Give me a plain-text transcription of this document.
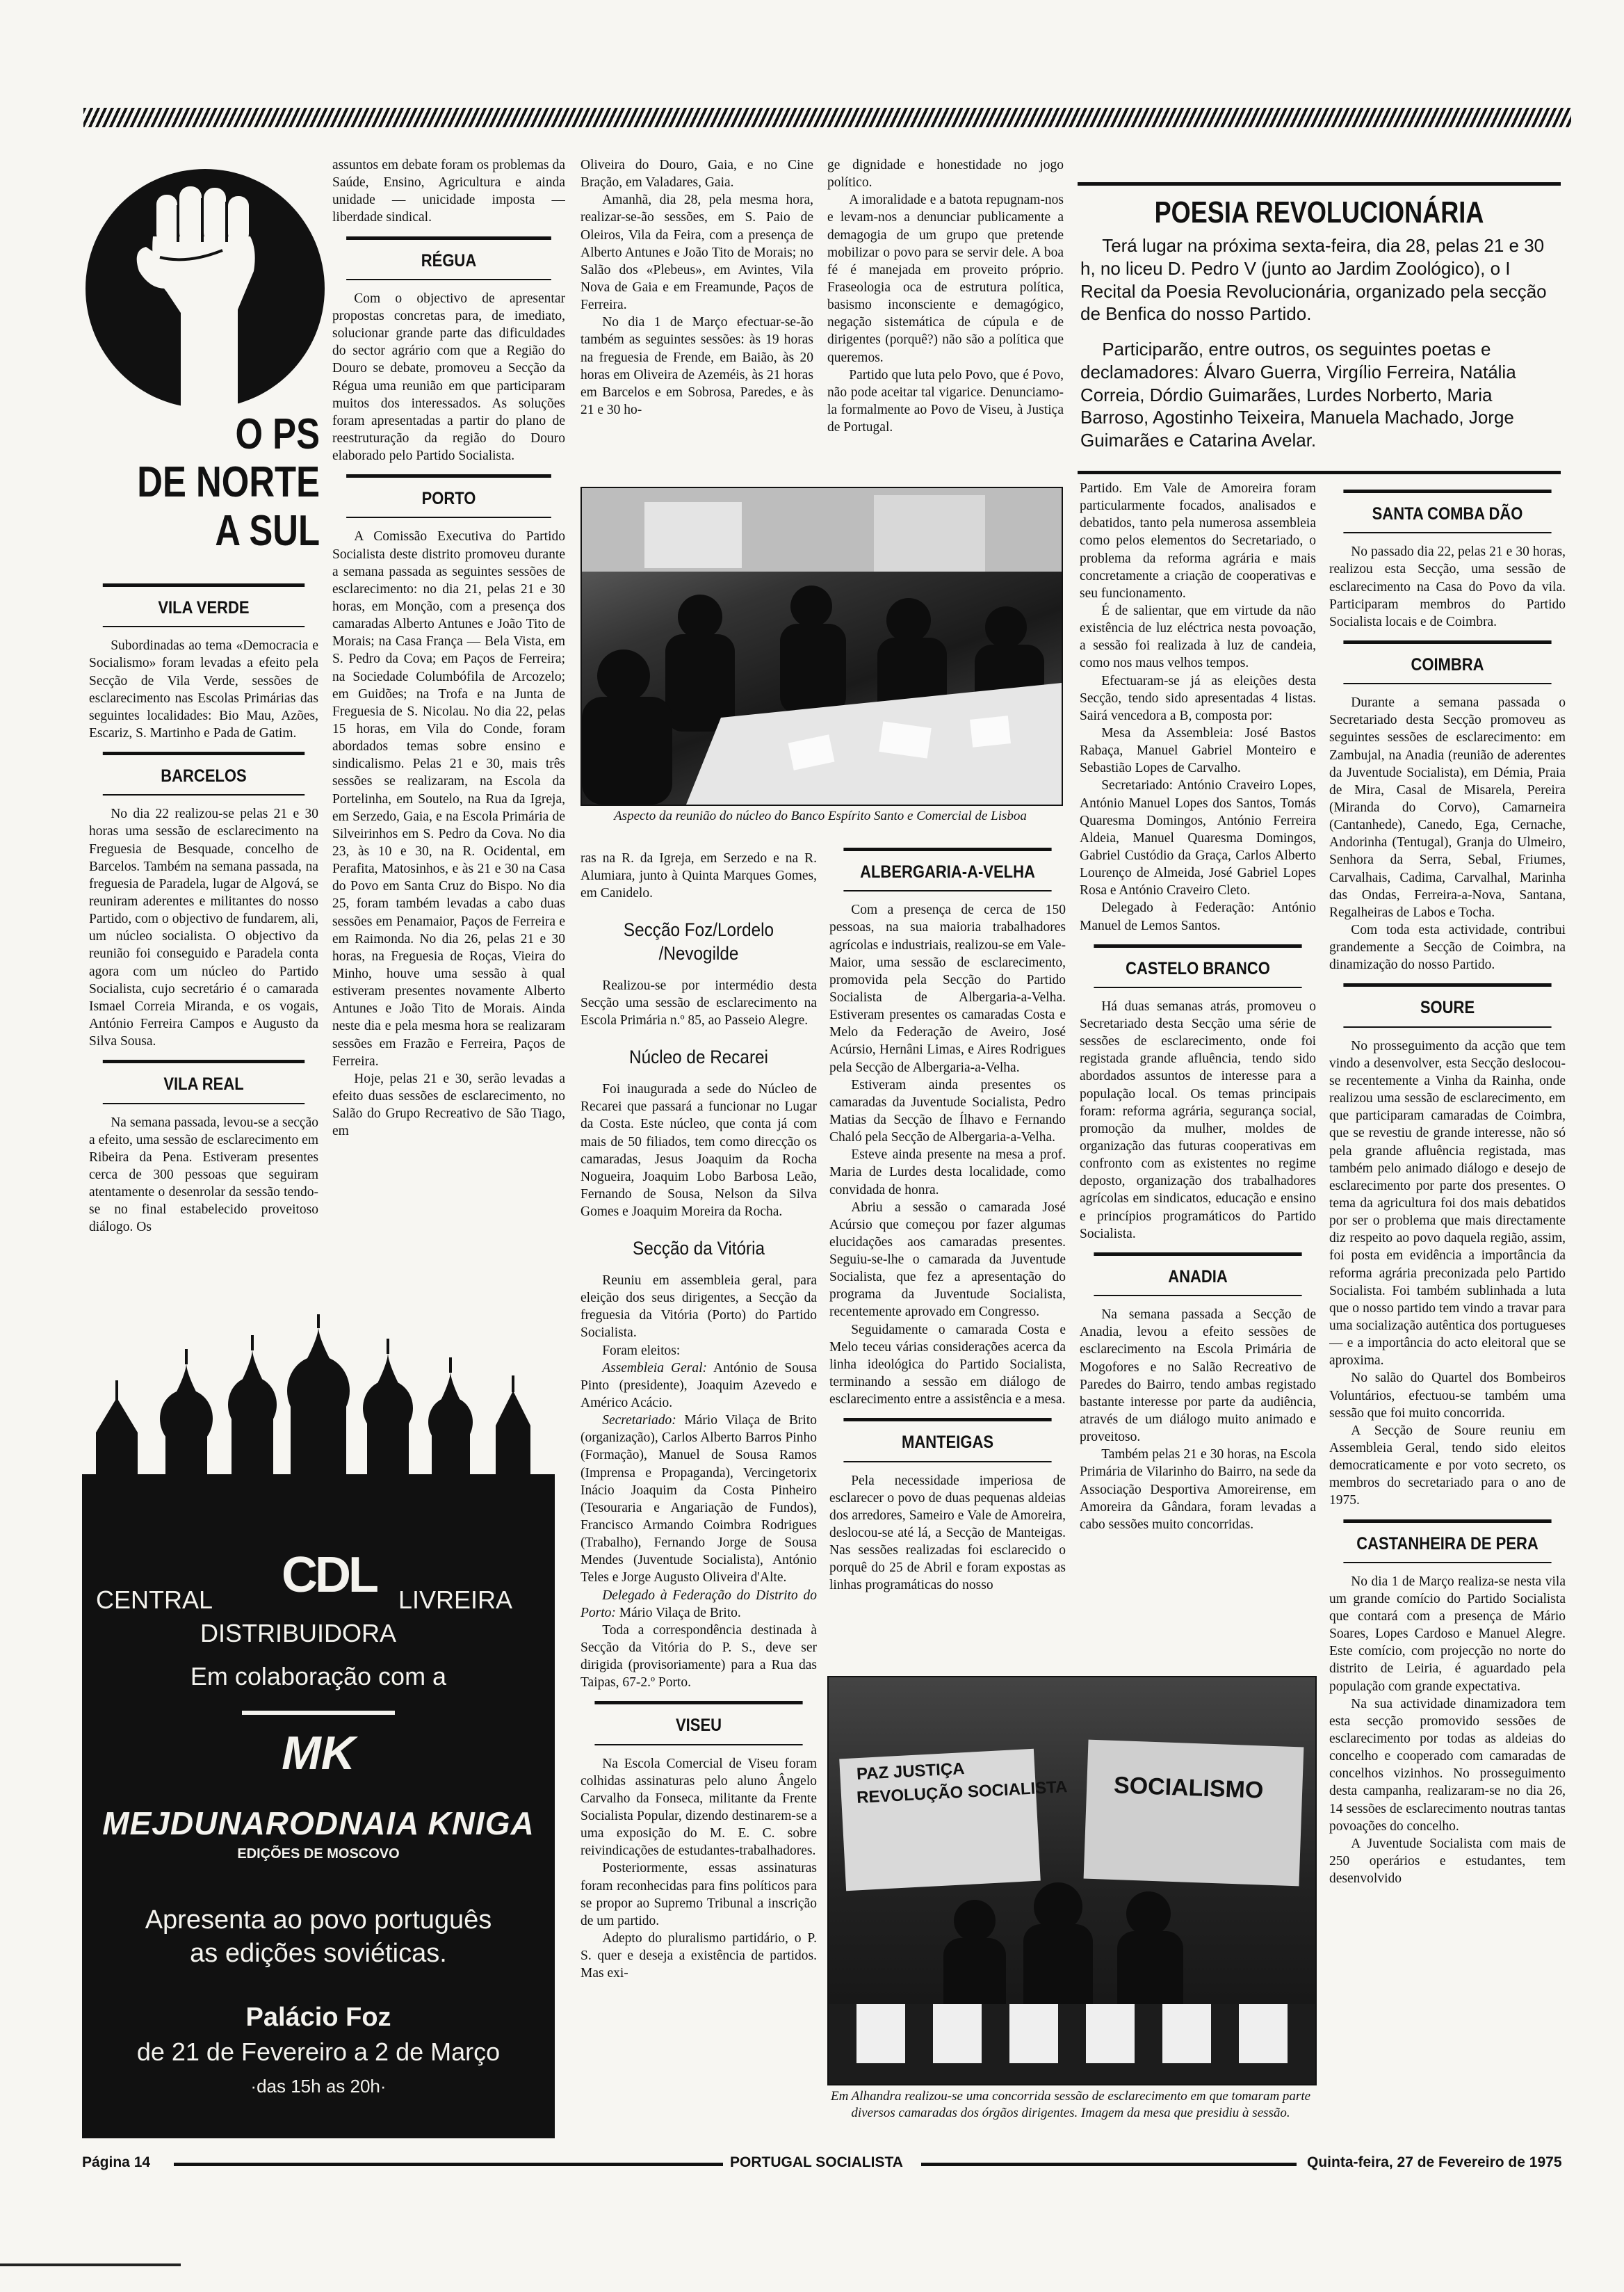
O PS
DE NORTE
A SUL
VILA VERDE

Subordinadas ao tema «Democracia e Socialismo» foram levadas a efeito pela Secção de Vila Verde, sessões de esclarecimento nas Escolas Primárias das seguintes localidades: Bio Mau, Azões, Escariz, S. Martinho e Pada de Gatim.

BARCELOS

No dia 22 realizou-se pelas 21 e 30 horas uma sessão de esclarecimento na Freguesia de Besquade, concelho de Barcelos. Também na semana passada, na freguesia de Paradela, lugar de Algová, se reuniram aderentes e militantes do nosso Partido, com o objectivo de fundarem, ali, um núcleo socialista. O objectivo da reunião foi conseguido e Paradela conta agora com um núcleo do Partido Socialista, cujo secretário é o camarada Ismael Correia Miranda, e os vogais, António Ferreira Campos e Augusto da Silva Sousa.

VILA REAL

Na semana passada, levou-se a secção a efeito, uma sessão de esclarecimento em Ribeira da Pena. Estiveram presentes cerca de 300 pessoas que seguiram atentamente o desenrolar da sessão tendo-se no final estabelecido proveitoso diálogo. Os

CDL
CENTRAL	LIVREIRA
DISTRIBUIDORA
Em colaboração com a
MK
MEJDUNARODNAIA KNIGA
EDIÇÕES DE MOSCOVO
Apresenta ao povo português
as edições soviéticas.
Palácio Foz
de 21 de Fevereiro a 2 de Março
·das 15h as 20h·

assuntos em debate foram os problemas da Saúde, Ensino, Agricultura e ainda unidade — unicidade imposta — liberdade sindical.

RÉGUA

Com o objectivo de apresentar propostas concretas para, de imediato, solucionar grande parte das dificuldades do sector agrário com que a Região do Douro se debate, promoveu a Secção da Régua uma reunião em que participaram muitos dos interessados. As soluções foram apresentadas a partir do plano de reestruturação da região do Douro elaborado pelo Partido Socialista.

PORTO

A Comissão Executiva do Partido Socialista deste distrito promoveu durante a semana passada as seguintes sessões de esclarecimento: no dia 21, pelas 21 e 30 horas, em Monção, com a presença dos camaradas Alberto Antunes e João Tito de Morais; na Casa França — Bela Vista, em S. Pedro da Cova; em Paços de Ferreira; na Sociedade Columbófila de Arcozelo; em Guidões; na Trofa e na Junta de Freguesia de S. Nicolau. No dia 22, pelas 15 horas, em Vila do Conde, foram abordados temas sobre ensino e sindicalismo. Pelas 21 e 30, mais três sessões se realizaram, na Escola da Portelinha, em Soutelo, na Rua da Igreja, em Serzedo, Gaia, e na Escola Primária de Silveirinhos em S. Pedro da Cova. No dia 23, às 10 e 30, na R. Ocidental, em Perafita, Matosinhos, e às 21 e 30 na Casa do Povo em Santa Cruz do Bispo. No dia 25, foram também levadas a cabo duas sessões em Penamaior, Paços de Ferreira e em Raimonda. No dia 26, pelas 21 e 30 horas, na Freguesia de Roças, Vieira do Minho, houve uma sessão à qual estiveram presentes novamente Alberto Antunes e João Tito de Morais. Ainda neste dia e pela mesma hora se realizaram sessões em Frazão e Ferreira, Paços de Ferreira.

Hoje, pelas 21 e 30, serão levadas a efeito duas sessões de esclarecimento, no Salão do Grupo Recreativo de São Tiago, em

Oliveira do Douro, Gaia, e no Cine Bração, em Valadares, Gaia.

Amanhã, dia 28, pela mesma hora, realizar-se-ão sessões, em S. Paio de Oleiros, Vila da Feira, com a presença de Alberto Antunes e João Tito de Morais; no Salão dos «Plebeus», em Avintes, Vila Nova de Gaia e em Freamunde, Paços de Ferreira.

No dia 1 de Março efectuar-se-ão também as seguintes sessões: às 19 horas na freguesia de Frende, em Baião, às 20 horas em Oliveira de Azeméis, às 21 horas em Barcelos e em Sobrosa, Paredes, e às 21 e 30 ho-

ge dignidade e honestidade no jogo político.

A imoralidade e a batota repugnam-nos e levam-nos a denunciar publicamente a demagogia de um grupo que pretende mobilizar o povo para se servir dele. A boa fé é manejada em proveito próprio. Fraseologia oca de estrutura política, basismo inconsciente e demagógico, negação sistemática de cúpula e de dirigentes (porquê?) não são a política que queremos.

Partido que luta pelo Povo, que é Povo, não pode aceitar tal vigarice. Denunciamo-la formalmente ao Povo de Viseu, à Justiça de Portugal.

Aspecto da reunião do núcleo do Banco Espírito Santo e Comercial de Lisboa

ras na R. da Igreja, em Serzedo e na R. Alumiara, junto à Quinta Marques Gomes, em Canidelo.

Secção Foz/Lordelo /Nevogilde

Realizou-se por intermédio desta Secção uma sessão de esclarecimento na Escola Primária n.º 85, ao Passeio Alegre.

Núcleo de Recarei

Foi inaugurada a sede do Núcleo de Recarei que passará a funcionar no Lugar da Costa. Este núcleo, que conta já com mais de 50 filiados, tem como direcção os camaradas, Jesus Joaquim da Rocha Nogueira, Joaquim Lobo Barbosa Leão, Fernando de Sousa, Nelson da Silva Gomes e Joaquim Moreira da Rocha.

Secção da Vitória

Reuniu em assembleia geral, para eleição dos seus dirigentes, a Secção da freguesia da Vitória (Porto) do Partido Socialista.

Foram eleitos:

Assembleia Geral: António de Sousa Pinto (presidente), Joaquim Azevedo e Américo Acácio.

Secretariado: Mário Vilaça de Brito (organização), Carlos Alberto Barros Pinho (Formação), Manuel de Sousa Ramos (Imprensa e Propaganda), Vercingetorix Inácio Joaquim da Costa Pinheiro (Tesouraria e Angariação de Fundos), Francisco Armando Coimbra Rodrigues (Trabalho), Fernando Jorge de Sousa Mendes (Juventude Socialista), António Teles e Jorge Augusto Oliveira d'Alte.

Delegado à Federação do Distrito do Porto: Mário Vilaça de Brito.

Toda a correspondência destinada à Secção da Vitória do P. S., deve ser dirigida (provisoriamente) para a Rua das Taipas, 67-2.º Porto.

VISEU

Na Escola Comercial de Viseu foram colhidas assinaturas pelo aluno Ângelo Carvalho da Fonseca, militante da Frente Socialista Popular, dizendo destinarem-se a uma exposição do M. E. C. sobre reivindicações de estudantes-trabalhadores.

Posteriormente, essas assinaturas foram reconhecidas para fins políticos para se propor ao Supremo Tribunal a inscrição de um partido.

Adepto do pluralismo partidário, o P. S. quer e deseja a existência de partidos. Mas exi-

ALBERGARIA-A-VELHA

Com a presença de cerca de 150 pessoas, na sua maioria trabalhadores agrícolas e industriais, realizou-se em Vale-Maior, uma sessão de esclarecimento, promovida pela Secção do Partido Socialista de Albergaria-a-Velha. Estiveram presentes os camaradas Costa e Melo da Federação de Aveiro, José Acúrsio, Hernâni Limas, e Aires Rodrigues pela Secção de Albergaria-a-Velha.

Estiveram ainda presentes os camaradas da Juventude Socialista, Pedro Matias da Secção de Ílhavo e Fernando Chaló pela Secção de Albergaria-a-Velha.

Esteve ainda presente na mesa a prof. Maria de Lurdes desta localidade, como convidada de honra.

Abriu a sessão o camarada José Acúrsio que começou por fazer algumas elucidações aos camaradas presentes. Seguiu-se-lhe o camarada da Juventude Socialista, que fez a apresentação do programa da Juventude Socialista, recentemente aprovado em Congresso.

Seguidamente o camarada Costa e Melo teceu várias considerações acerca da linha ideológica do Partido Socialista, terminando a sessão em diálogo de esclarecimento entre a assistência e a mesa.

MANTEIGAS

Pela necessidade imperiosa de esclarecer o povo de duas pequenas aldeias dos arredores, Sameiro e Vale de Amoreira, deslocou-se até lá, a Secção de Manteigas. Nas sessões realizadas foi esclarecido o porquê do 25 de Abril e foram expostas as linhas programáticas do nosso

POESIA REVOLUCIONÁRIA
Terá lugar na próxima sexta-feira, dia 28, pelas 21 e 30 h, no liceu D. Pedro V (junto ao Jardim Zoológico), o I Recital da Poesia Revolucionária, organizado pela secção de Benfica do nosso Partido.
Participarão, entre outros, os seguintes poetas e declamadores: Álvaro Guerra, Virgílio Ferreira, Natália Correia, Dórdio Guimarães, Lurdes Norberto, Maria Barroso, Agostinho Teixeira, Manuela Machado, Jorge Guimarães e Catarina Avelar.

Partido. Em Vale de Amoreira foram particularmente focados, analisados e debatidos, tanto pela numerosa assembleia como pelos elementos do Secretariado, o problema da reforma agrária e mais concretamente a criação de cooperativas e seu funcionamento.

É de salientar, que em virtude da não existência de luz eléctrica nesta povoação, a sessão foi realizada à luz de candeia, como nos maus velhos tempos.

Efectuaram-se já as eleições desta Secção, tendo sido apresentadas 4 listas. Sairá vencedora a B, composta por:

Mesa da Assembleia: José Bastos Rabaça, Manuel Gabriel Monteiro e Sebastião Lopes de Carvalho.

Secretariado: António Craveiro Lopes, António Manuel Lopes dos Santos, Tomás Quaresma Domingos, António Ferreira Aldeia, Manuel Quaresma Domingos, Gabriel Custódio da Graça, Carlos Alberto Lourenço de Almeida, José Gabriel Lopes Rosa e António Craveiro Cleto.

Delegado à Federação: António Manuel de Lemos Santos.

CASTELO BRANCO

Há duas semanas atrás, promoveu o Secretariado desta Secção uma série de sessões de esclarecimento, onde foi registada grande afluência, tendo sido abordados assuntos de interesse para a população local. Os temas principais foram: reforma agrária, segurança social, promoção da mulher, moldes de organização das futuras cooperativas em confronto com as existentes no regime deposto, organização dos trabalhadores agrícolas em sindicatos, educação e ensino e princípios programáticos do Partido Socialista.

ANADIA

Na semana passada a Secção de Anadia, levou a efeito sessões de esclarecimento na Escola Primária de Mogofores e no Salão Recreativo de Paredes do Bairro, tendo ambas registado bastante interesse por parte da audiência, através de um diálogo muito animado e proveitoso.

Também pelas 21 e 30 horas, na Escola Primária de Vilarinho do Bairro, na sede da Associação Desportiva Amoreirense, em Amoreira da Gândara, foram levadas a cabo sessões muito concorridas.

SANTA COMBA DÃO

No passado dia 22, pelas 21 e 30 horas, realizou esta Secção, uma sessão de esclarecimento na Casa do Povo da vila. Participaram membros do Partido Socialista locais e de Coimbra.

COIMBRA

Durante a semana passada o Secretariado desta Secção promoveu as seguintes sessões de esclarecimento: em Zambujal, na Anadia (reunião de aderentes da Juventude Socialista), em Démia, Praia de Mira, Casal de Misarela, Pereira (Miranda do Corvo), Camarneira (Cantanhede), Canedo, Ega, Cernache, Andorinha (Tentugal), Granja do Ulmeiro, Senhora da Serra, Sebal, Friumes, Carvalhais, Cadima, Carvalhal, Marinha das Ondas, Ferreira-a-Nova, Santana, Regalheiras de Labos e Tocha.

Com toda esta actividade, contribui grandemente a Secção de Coimbra, na dinamização do nosso Partido.

SOURE

No prosseguimento da acção que tem vindo a desenvolver, esta Secção deslocou-se recentemente a Vinha da Rainha, onde realizou uma sessão de esclarecimento, em que participaram camaradas de Coimbra, que se revestiu de grande interesse, não só pela grande afluência registada, mas também pelo animado diálogo e desejo de esclarecimento por parte dos presentes. O tema da agricultura foi dos mais debatidos por ser o problema que mais directamente diz respeito ao povo daquela região, assim, foi posta em evidência a importância da reforma agrária preconizada pelo Partido Socialista. Foi também sublinhada a luta que o nosso partido tem vindo a travar para uma socialização autêntica dos portugueses — e a importância do acto eleitoral que se aproxima.

No salão do Quartel dos Bombeiros Voluntários, efectuou-se também uma sessão que foi muito concorrida.

A Secção de Soure reuniu em Assembleia Geral, tendo sido eleitos democraticamente e por voto secreto, os membros do secretariado para o ano de 1975.

CASTANHEIRA DE PERA

No dia 1 de Março realiza-se nesta vila um grande comício do Partido Socialista que contará com a presença de Mário Soares, Lopes Cardoso e Manuel Alegre. Este comício, com projecção no norte do distrito de Leiria, é aguardado pela população com grande expectativa.

Na sua actividade dinamizadora tem esta secção promovido sessões de esclarecimento por todas as aldeias do concelho e cooperado com camaradas de concelhos vizinhos. No prosseguimento desta campanha, realizaram-se no dia 26, 14 sessões de esclarecimento noutras tantas povoações do concelho.

A Juventude Socialista com mais de 250 operários e estudantes, tem desenvolvido

PAZ JUSTIÇA
REVOLUÇÃO SOCIALISTA SOCIALISMO
Em Alhandra realizou-se uma concorrida sessão de esclarecimento em que tomaram parte diversos camaradas dos órgãos dirigentes. Imagem da mesa que presidiu à sessão.
Página 14	PORTUGAL SOCIALISTA	Quinta-feira, 27 de Fevereiro de 1975
